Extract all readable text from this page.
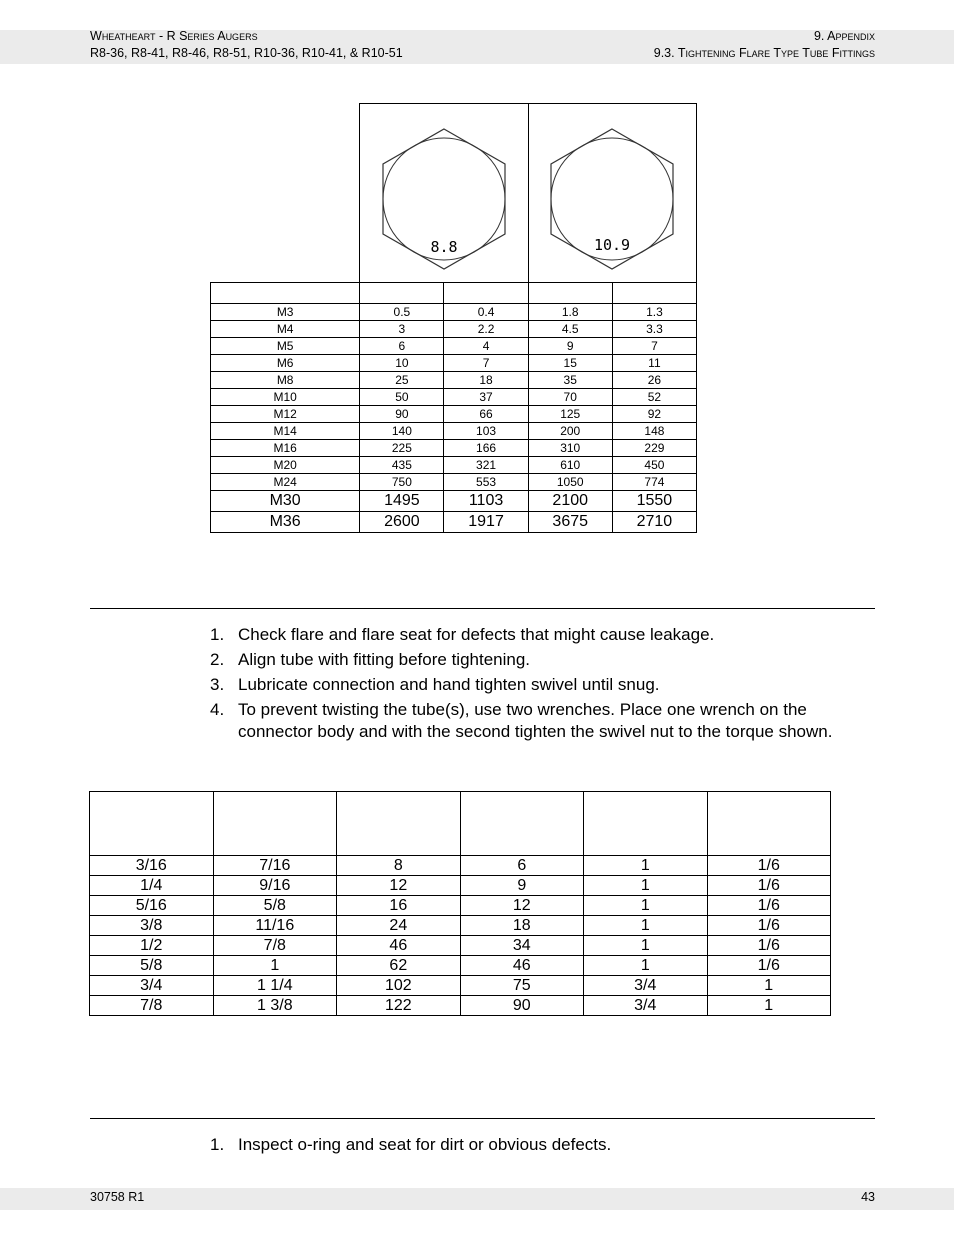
Wheatheart - R Series Augers
R8-36, R8-41, R8-46, R8-51, R10-36, R10-41, & R10-51
9. Appendix
9.3. Tightening Flare Type Tube Fittings

8.8		10.9	

M3	0.5	0.4	1.8	1.3
M4	3	2.2	4.5	3.3
M5	6	4	9	7
M6	10	7	15	11
M8	25	18	35	26
M10	50	37	70	52
M12	90	66	125	92
M14	140	103	200	148
M16	225	166	310	229
M20	435	321	610	450
M24	750	553	1050	774
M30	1495	1103	2100	1550
M36	2600	1917	3675	2710
1. Check flare and flare seat for defects that might cause leakage.
2. Align tube with fitting before tightening.
3. Lubricate connection and hand tighten swivel until snug.
4. To prevent twisting the tube(s), use two wrenches. Place one wrench on the connector body and with the second tighten the swivel nut to the torque shown.

3/16	7/16	8	6	1	1/6
1/4	9/16	12	9	1	1/6
5/16	5/8	16	12	1	1/6
3/8	11/16	24	18	1	1/6
1/2	7/8	46	34	1	1/6
5/8	1	62	46	1	1/6
3/4	1 1/4	102	75	3/4	1
7/8	1 3/8	122	90	3/4	1
1. Inspect o-ring and seat for dirt or obvious defects.
30758 R1	43
